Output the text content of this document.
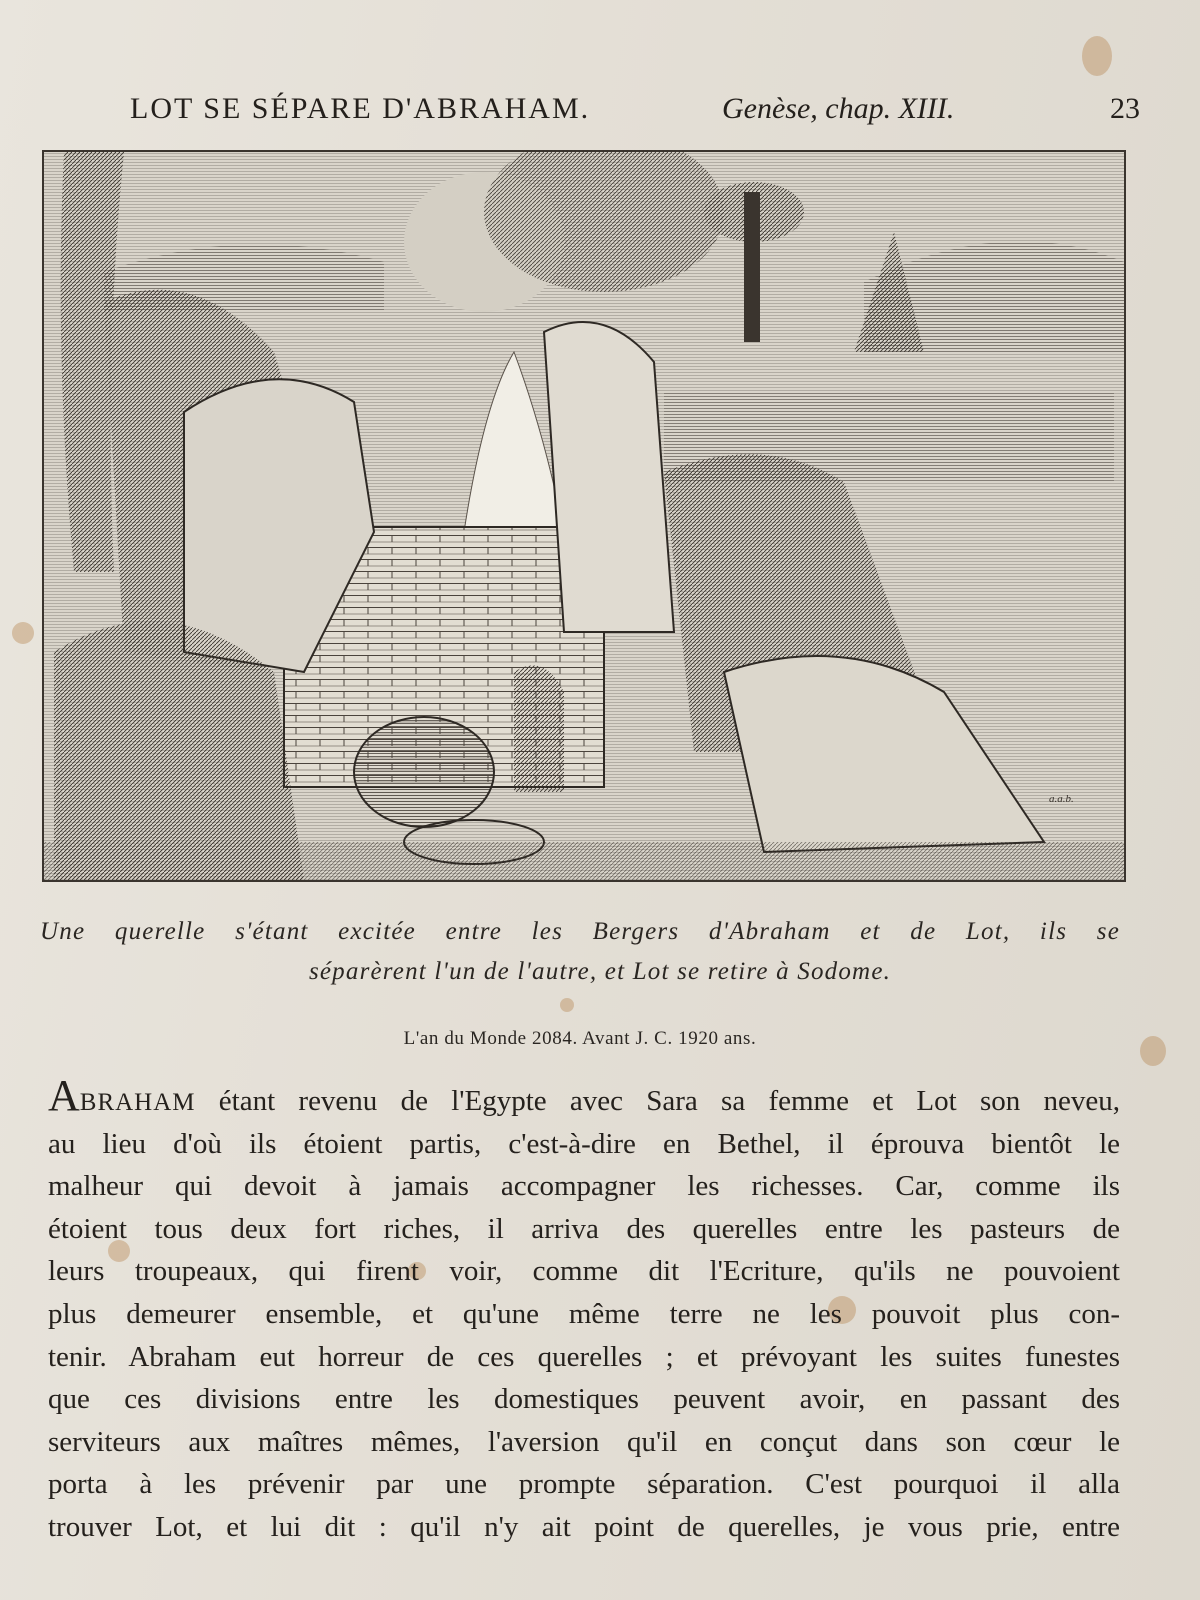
LOT SE SÉPARE D'ABRAHAM.	Genèse, chap. XIII.	23
a.a.b.
Une querelle s'étant excitée entre les Bergers d'Abraham et de Lot, ils se
séparèrent l'un de l'autre, et Lot se retire à Sodome.
L'an du Monde 2084. Avant J. C. 1920 ans.
ABRAHAM étant revenu de l'Egypte avec Sara sa femme et Lot son neveu,
au lieu d'où ils étoient partis, c'est-à-dire en Bethel, il éprouva bientôt le
malheur qui devoit à jamais accompagner les richesses. Car, comme ils
étoient tous deux fort riches, il arriva des querelles entre les pasteurs de
leurs troupeaux, qui firent voir, comme dit l'Ecriture, qu'ils ne pouvoient
plus demeurer ensemble, et qu'une même terre ne les pouvoit plus con-
tenir. Abraham eut horreur de ces querelles ; et prévoyant les suites funestes
que ces divisions entre les domestiques peuvent avoir, en passant des
serviteurs aux maîtres mêmes, l'aversion qu'il en conçut dans son cœur le
porta à les prévenir par une prompte séparation. C'est pourquoi il alla
trouver Lot, et lui dit : qu'il n'y ait point de querelles, je vous prie, entre
